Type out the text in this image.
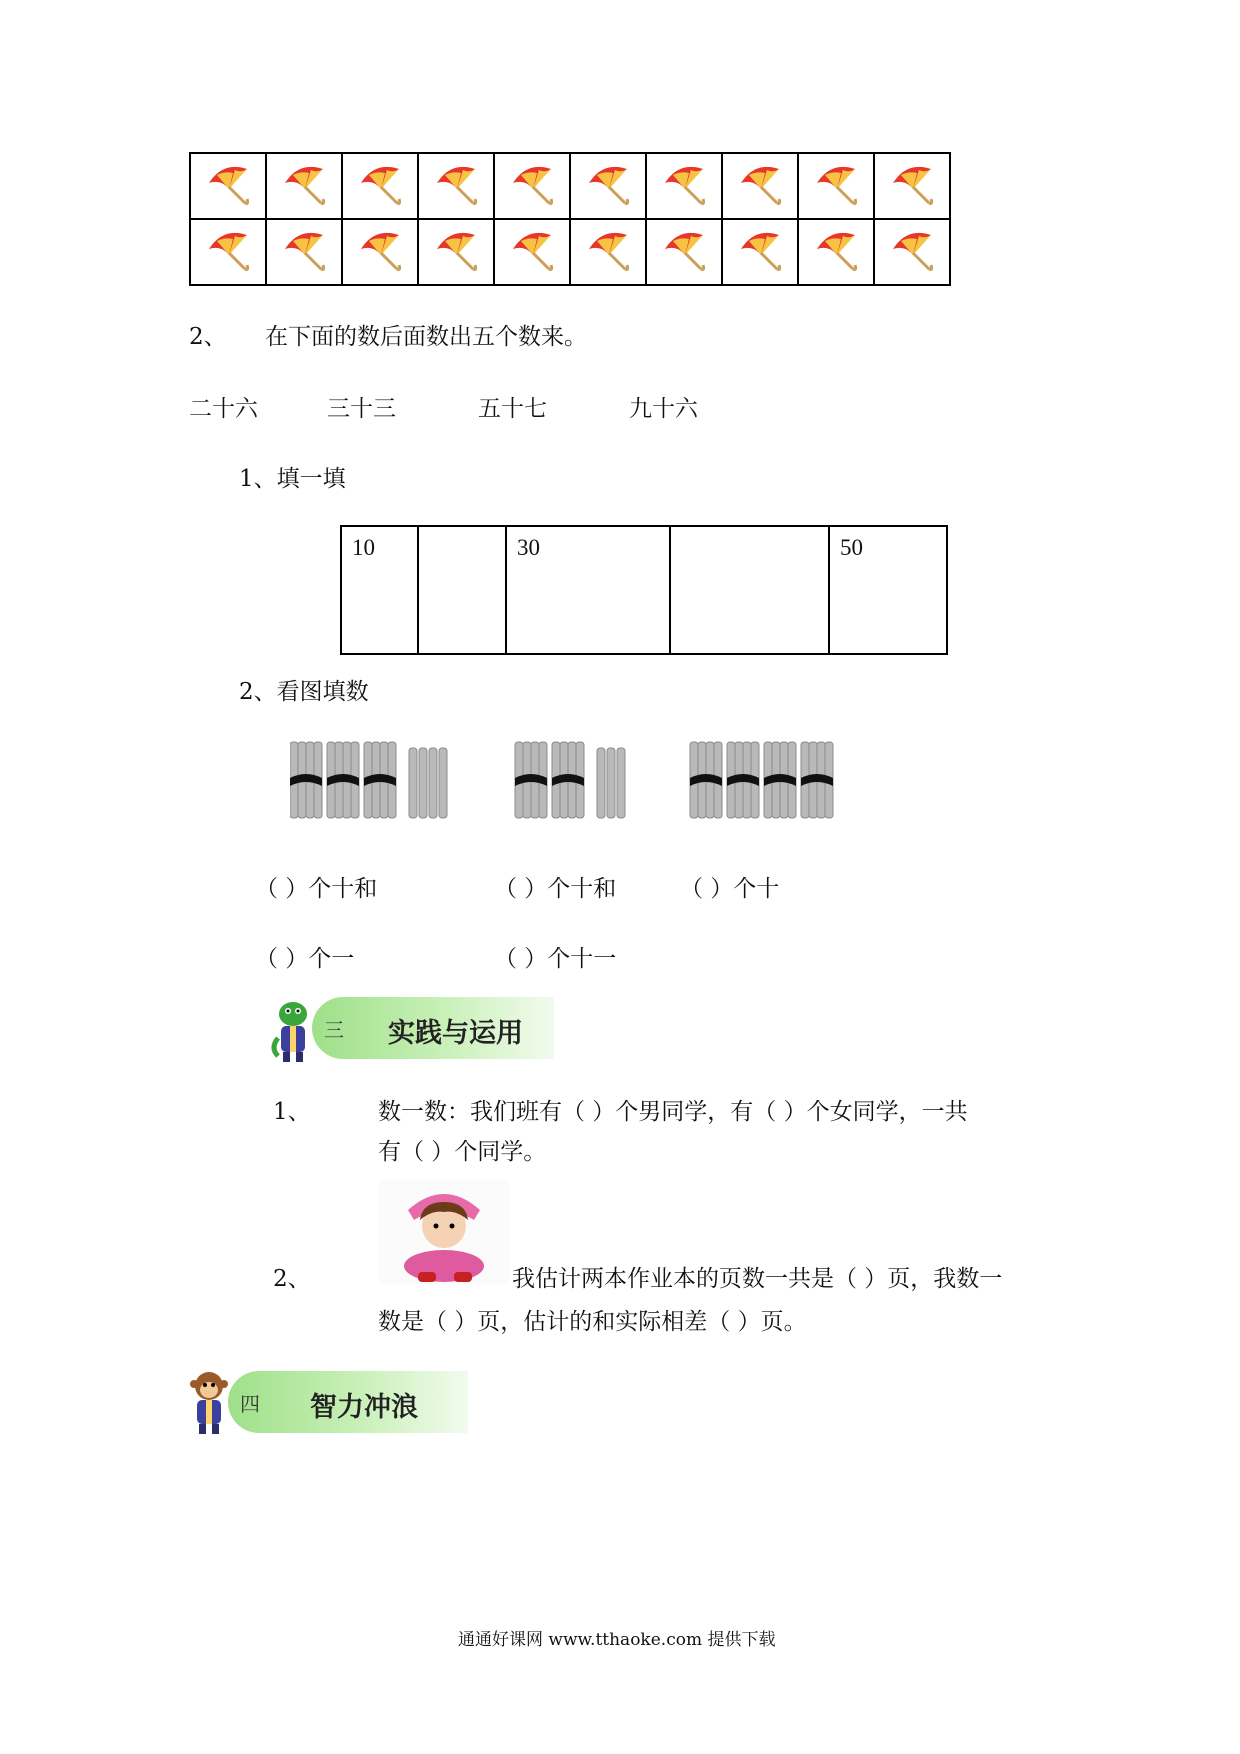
2、 在下面的数后面数出五个数来。
二十六	三十三	五十七	九十六
1、填一填
10		30		50
2、看图填数
（ ）个十和	（ ）个十和	（ ）个十
（ ）个一	（ ）个十一
三 实践与运用
1、	数一数：我们班有（ ）个男同学，有（ ）个女同学，一共
有（ ）个同学。
2、	我估计两本作业本的页数一共是（ ）页，我数一
数是（ ）页，估计的和实际相差（ ）页。
四 智力冲浪
通通好课网 www.tthaoke.com 提供下载
